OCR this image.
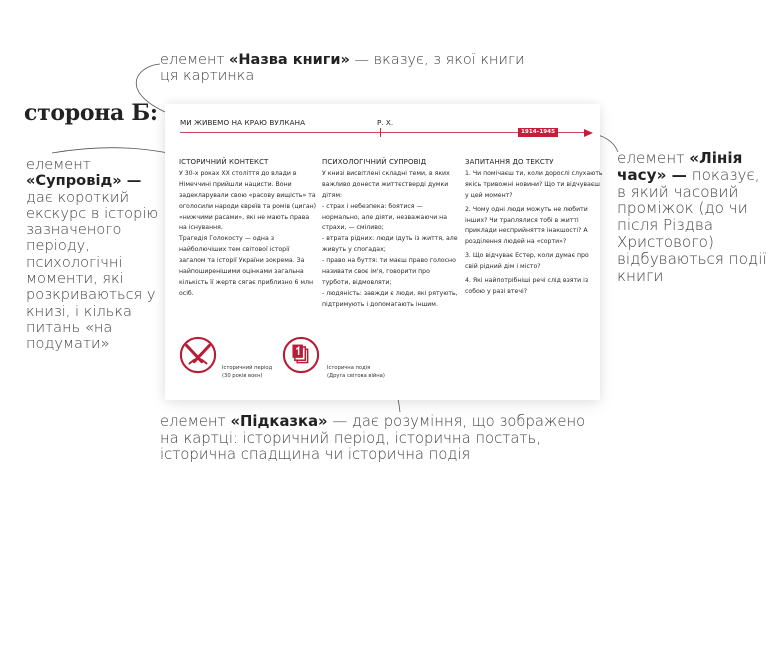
елемент «Назва книги» — вказує, з якої книги ця картинка
сторона Б:
елемент
«Супровід» — дає короткий екскурс в історію зазначеного періоду, психологічні моменти, які розкриваються у книзі, і кілька питань «на подумати»
елемент «Лінія часу» — показує, в який часовий проміжок (до чи після Різдва Христового) відбуваються події книги
елемент «Підказка» — дає розуміння, що зображено на картці: історичний період, історична постать, історична спадщина чи історична подія
МИ ЖИВЕМО НА КРАЮ ВУЛКАНА	Р. Х.
1914–1945
ІСТОРИЧНИЙ КОНТЕКСТ

У 30-х роках XX століття до влади в Німеччині прийшли нацисти. Вони задекларували свою «расову вищість» та оголосили народи євреїв та ромів (циган) «нижчими расами», які не мають права на існування.

Трагедія Голокосту — одна з найболючіших тем світової історії загалом та історії України зокрема. За найпоширенішими оцінками загальна кількість її жертв сягає приблизно 6 млн осіб.

ПСИХОЛОГІЧНИЙ СУПРОВІД

У книзі висвітлені складні теми, в яких важливо донести життєстверді думки дітям:

- страх і небезпека: боятися — нормально, але діяти, незважаючи на страхи, — сміливо;

- втрата рідних: люди ідуть із життя, але живуть у спогадах;

- право на буття: ти маєш право голосно називати своє ім'я, говорити про турботи, відмовляти;

- людяність: завжди є люди, які рятують, підтримують і допомагають іншим.

ЗАПИТАННЯ ДО ТЕКСТУ

1. Чи помічаєш ти, коли дорослі слухають якісь тривожні новини? Що ти відчуваєш у цей момент?

2. Чому одні люди можуть не любити інших? Чи траплялися тобі в житті приклади несприйняття інакшості? А розділення людей на «сорти»?

3. Що відчуває Естер, коли думає про свій рідний дім і місто?

4. Які найпотрібніші речі слід взяти із собою у разі втечі?

Історичний період
(30 років воєн)
Історична подія
(Друга світова війна)
